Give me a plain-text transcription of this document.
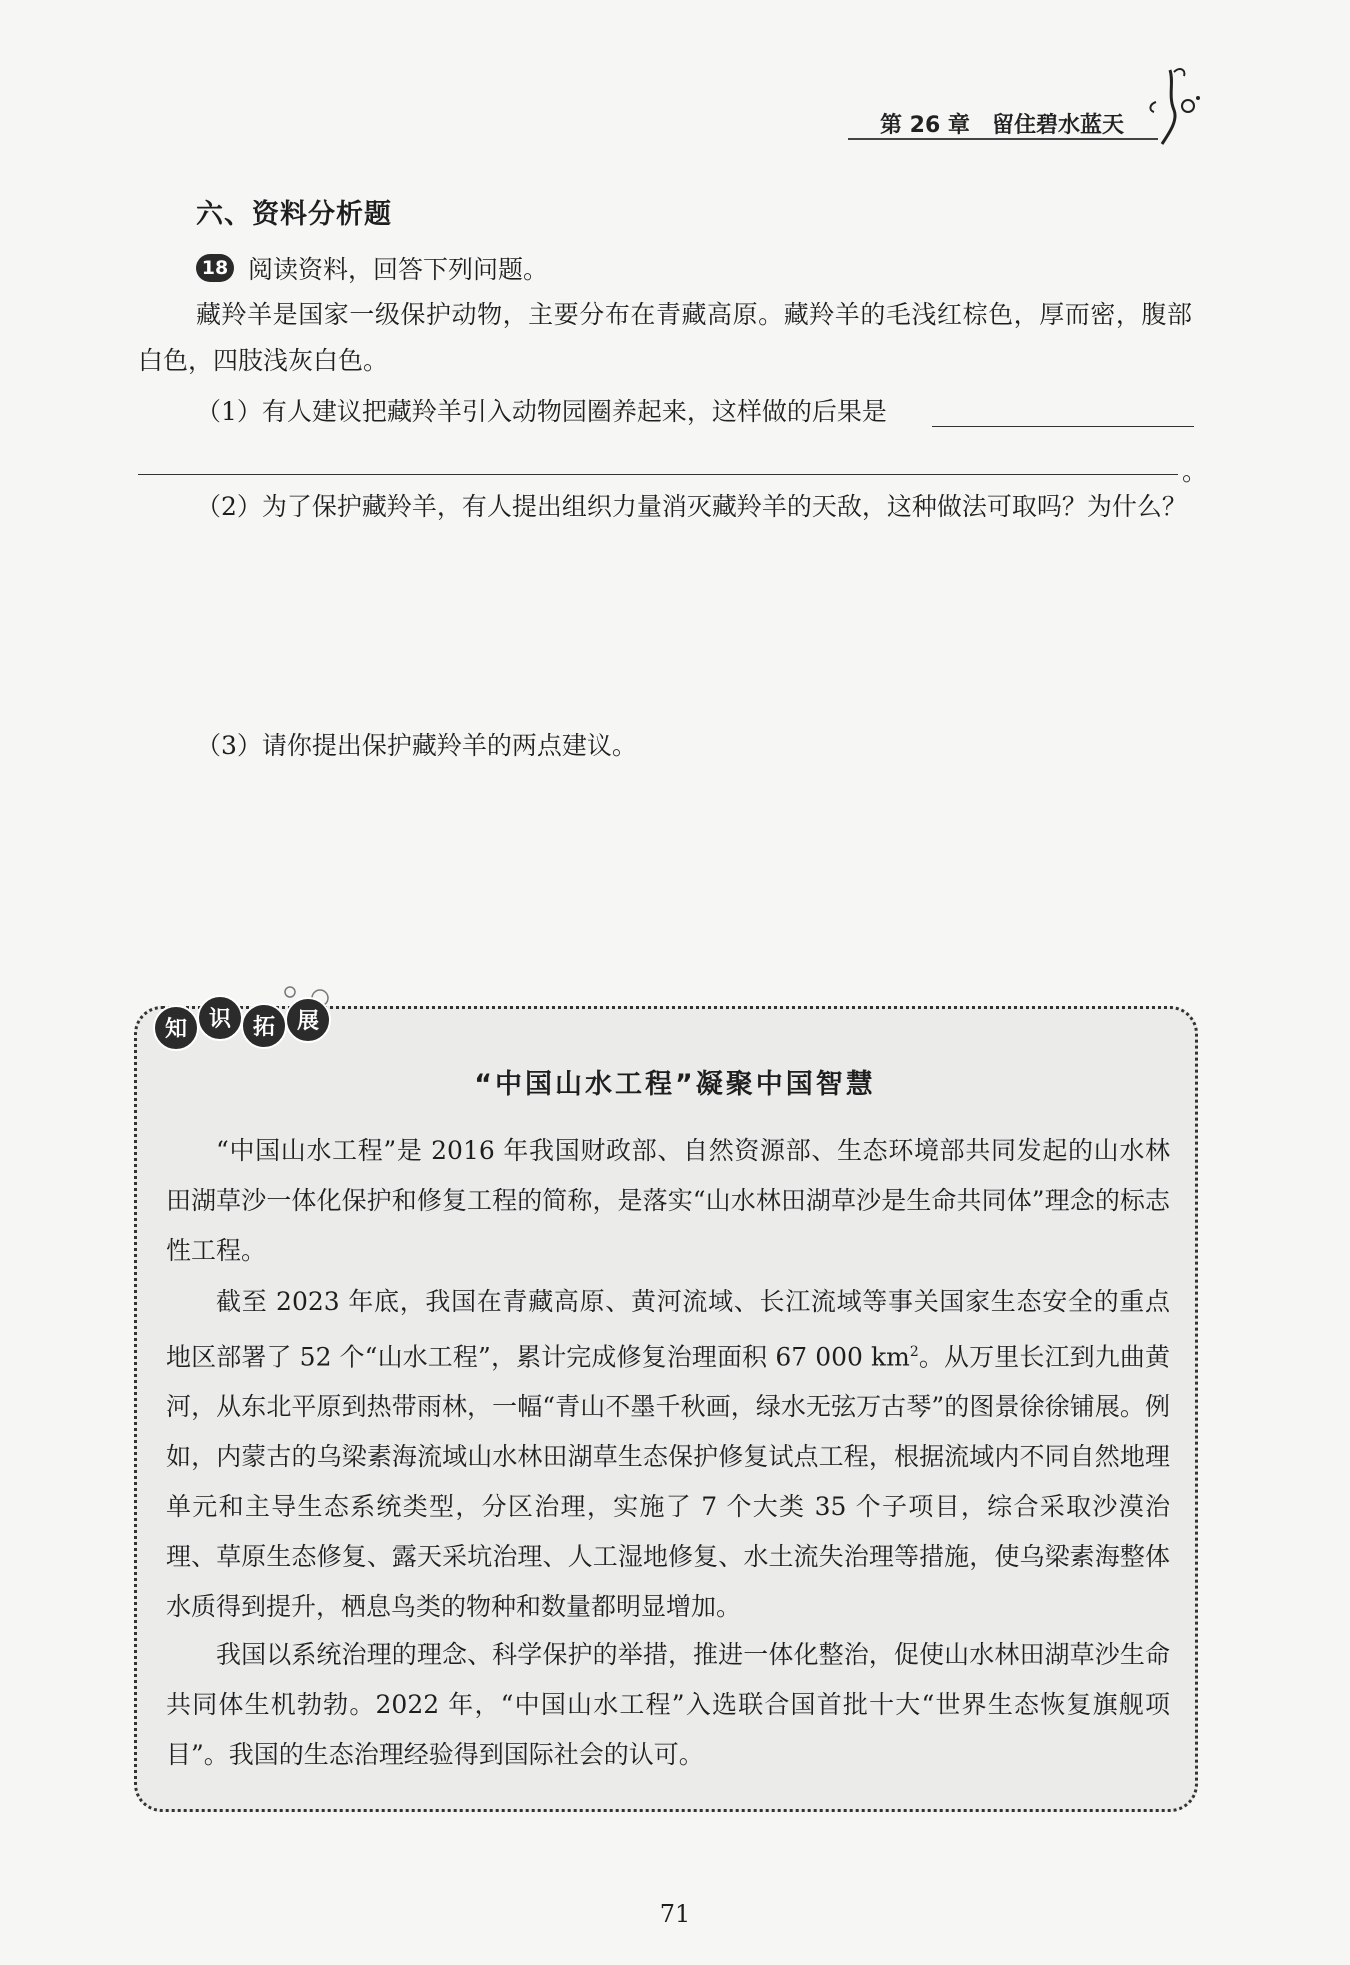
第 26 章 留住碧水蓝天
六、资料分析题
18 阅读资料，回答下列问题。
藏羚羊是国家一级保护动物，主要分布在青藏高原。藏羚羊的毛浅红棕色，厚而密，腹部白色，四肢浅灰白色。
（1）有人建议把藏羚羊引入动物园圈养起来，这样做的后果是
。
（2）为了保护藏羚羊，有人提出组织力量消灭藏羚羊的天敌，这种做法可取吗？为什么？
（3）请你提出保护藏羚羊的两点建议。
知 识 拓 展
“中国山水工程”凝聚中国智慧
“中国山水工程”是 2016 年我国财政部、自然资源部、生态环境部共同发起的山水林田湖草沙一体化保护和修复工程的简称，是落实“山水林田湖草沙是生命共同体”理念的标志性工程。
截至 2023 年底，我国在青藏高原、黄河流域、长江流域等事关国家生态安全的重点地区部署了 52 个“山水工程”，累计完成修复治理面积 67 000 $km^2$。从万里长江到九曲黄河，从东北平原到热带雨林，一幅“青山不墨千秋画，绿水无弦万古琴”的图景徐徐铺展。例如，内蒙古的乌梁素海流域山水林田湖草生态保护修复试点工程，根据流域内不同自然地理单元和主导生态系统类型，分区治理，实施了 7 个大类 35 个子项目，综合采取沙漠治理、草原生态修复、露天采坑治理、人工湿地修复、水土流失治理等措施，使乌梁素海整体水质得到提升，栖息鸟类的物种和数量都明显增加。
我国以系统治理的理念、科学保护的举措，推进一体化整治，促使山水林田湖草沙生命共同体生机勃勃。2022 年，“中国山水工程”入选联合国首批十大“世界生态恢复旗舰项目”。我国的生态治理经验得到国际社会的认可。
71
